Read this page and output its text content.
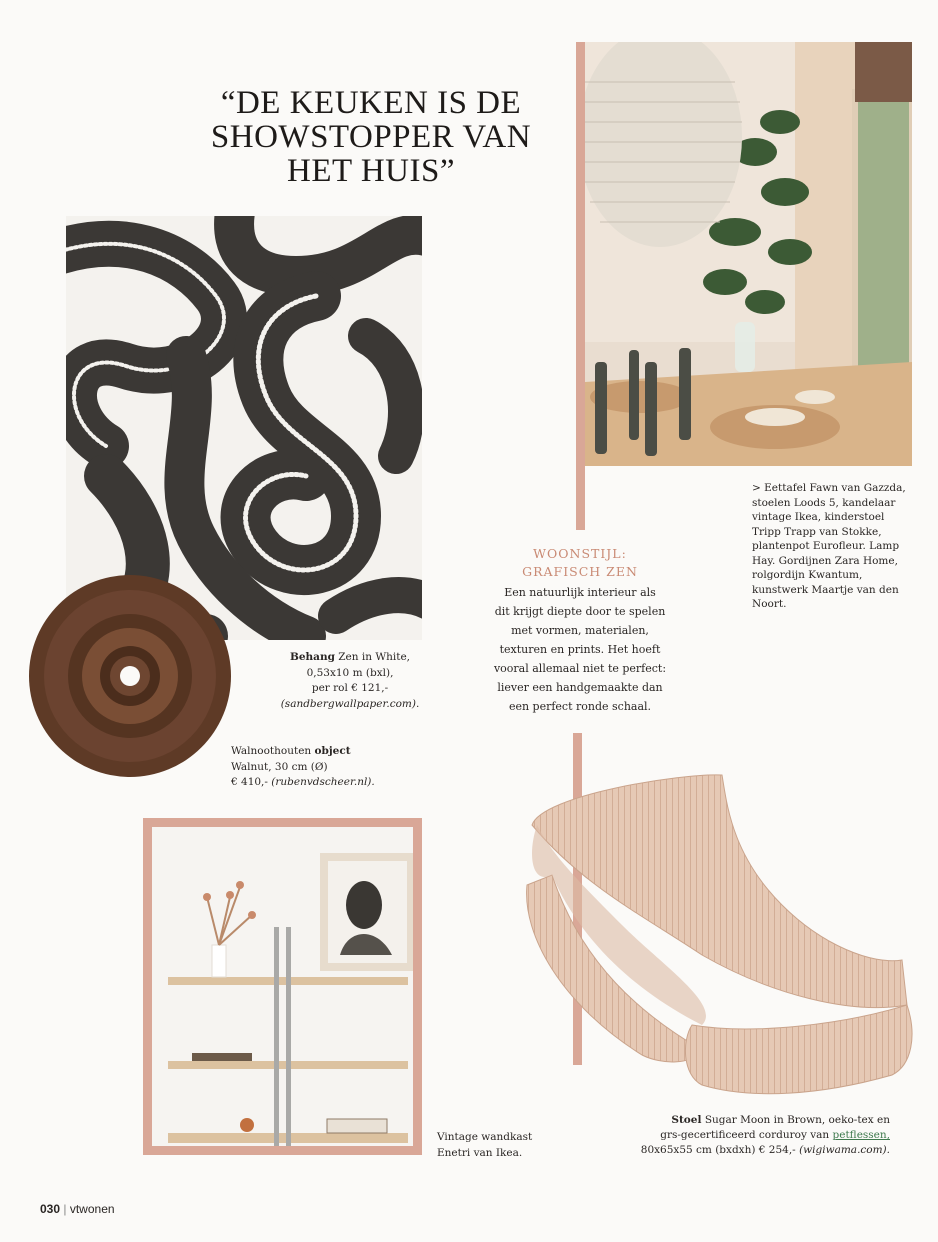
“DE KEUKEN IS DE
SHOWSTOPPER VAN
HET HUIS”
Behang Zen in White,
0,53x10 m (bxl),
per rol € 121,-
(sandbergwallpaper.com).
Walnoothouten object
Walnut, 30 cm (Ø)
€ 410,- (rubenvdscheer.nl).
> Eettafel Fawn van Gazzda,
stoelen Loods 5, kandelaar
vintage Ikea, kinderstoel
Tripp Trapp van Stokke,
plantenpot Eurofleur. Lamp
Hay. Gordijnen Zara Home,
rolgordijn Kwantum,
kunstwerk Maartje van den
Noort.
WOONSTIJL:
GRAFISCH ZEN
Een natuurlijk interieur als
dit krijgt diepte door te spelen
met vormen, materialen,
texturen en prints. Het hoeft
vooral allemaal niet te perfect:
liever een handgemaakte dan
een perfect ronde schaal.
Vintage wandkast
Enetri van Ikea.
Stoel Sugar Moon in Brown, oeko-tex en
grs-gecertificeerd corduroy van petflessen,
80x65x55 cm (bxdxh) € 254,- (wigiwama.com).
030 | vtwonen
